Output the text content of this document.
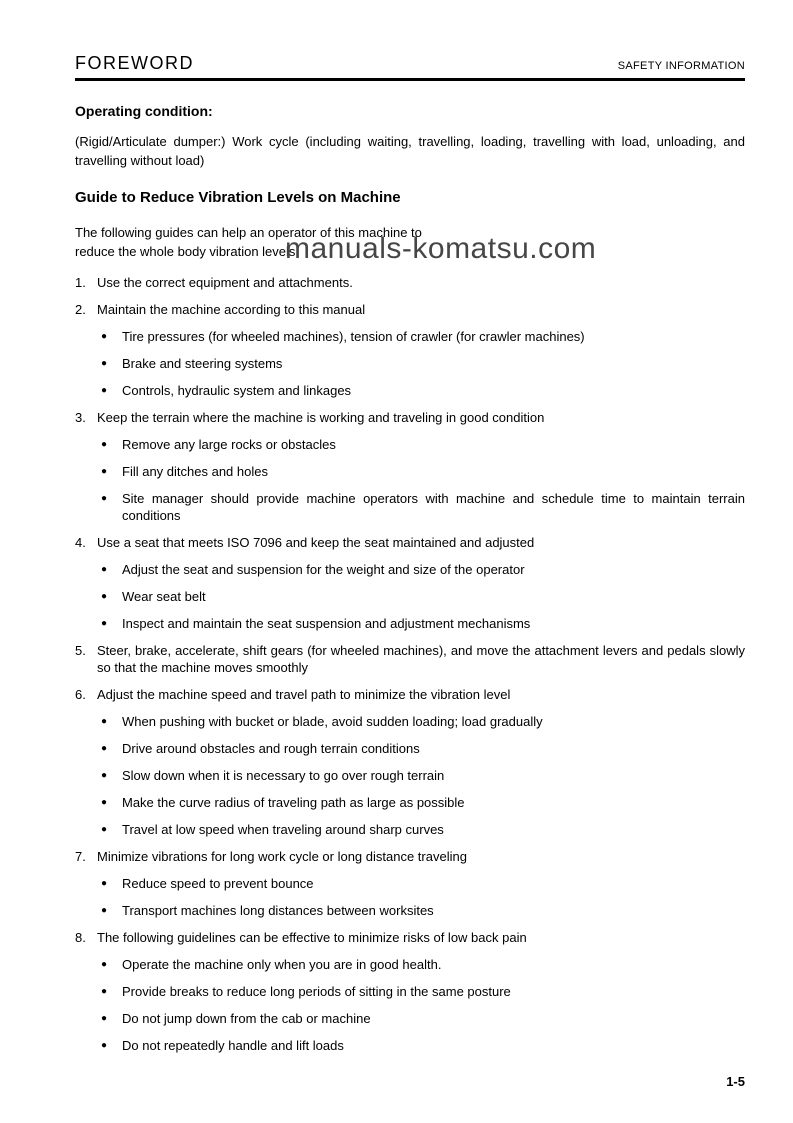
FOREWORD	SAFETY INFORMATION
Operating condition:

(Rigid/Articulate dumper:) Work cycle (including waiting, travelling, loading, travelling with load, unloading, and travelling without load)

Guide to Reduce Vibration Levels on Machine
The following guides can help an operator of this machine to
reduce the whole body vibration levels
manuals-komatsu.com
1. Use the correct equipment and attachments.
2. Maintain the machine according to this manual
●	Tire pressures (for wheeled machines), tension of crawler (for crawler machines)
●	Brake and steering systems
●	Controls, hydraulic system and linkages
3. Keep the terrain where the machine is working and traveling in good condition
●	Remove any large rocks or obstacles
●	Fill any ditches and holes
●	Site manager should provide machine operators with machine and schedule time to maintain terrain conditions
4. Use a seat that meets ISO 7096 and keep the seat maintained and adjusted
●	Adjust the seat and suspension for the weight and size of the operator
●	Wear seat belt
●	Inspect and maintain the seat suspension and adjustment mechanisms
5. Steer, brake, accelerate, shift gears (for wheeled machines), and move the attachment levers and pedals slowly so that the machine moves smoothly
6. Adjust the machine speed and travel path to minimize the vibration level
●	When pushing with bucket or blade, avoid sudden loading; load gradually
●	Drive around obstacles and rough terrain conditions
●	Slow down when it is necessary to go over rough terrain
●	Make the curve radius of traveling path as large as possible
●	Travel at low speed when traveling around sharp curves
7. Minimize vibrations for long work cycle or long distance traveling
●	Reduce speed to prevent bounce
●	Transport machines long distances between worksites
8. The following guidelines can be effective to minimize risks of low back pain
●	Operate the machine only when you are in good health.
●	Provide breaks to reduce long periods of sitting in the same posture
●	Do not jump down from the cab or machine
●	Do not repeatedly handle and lift loads
1-5
